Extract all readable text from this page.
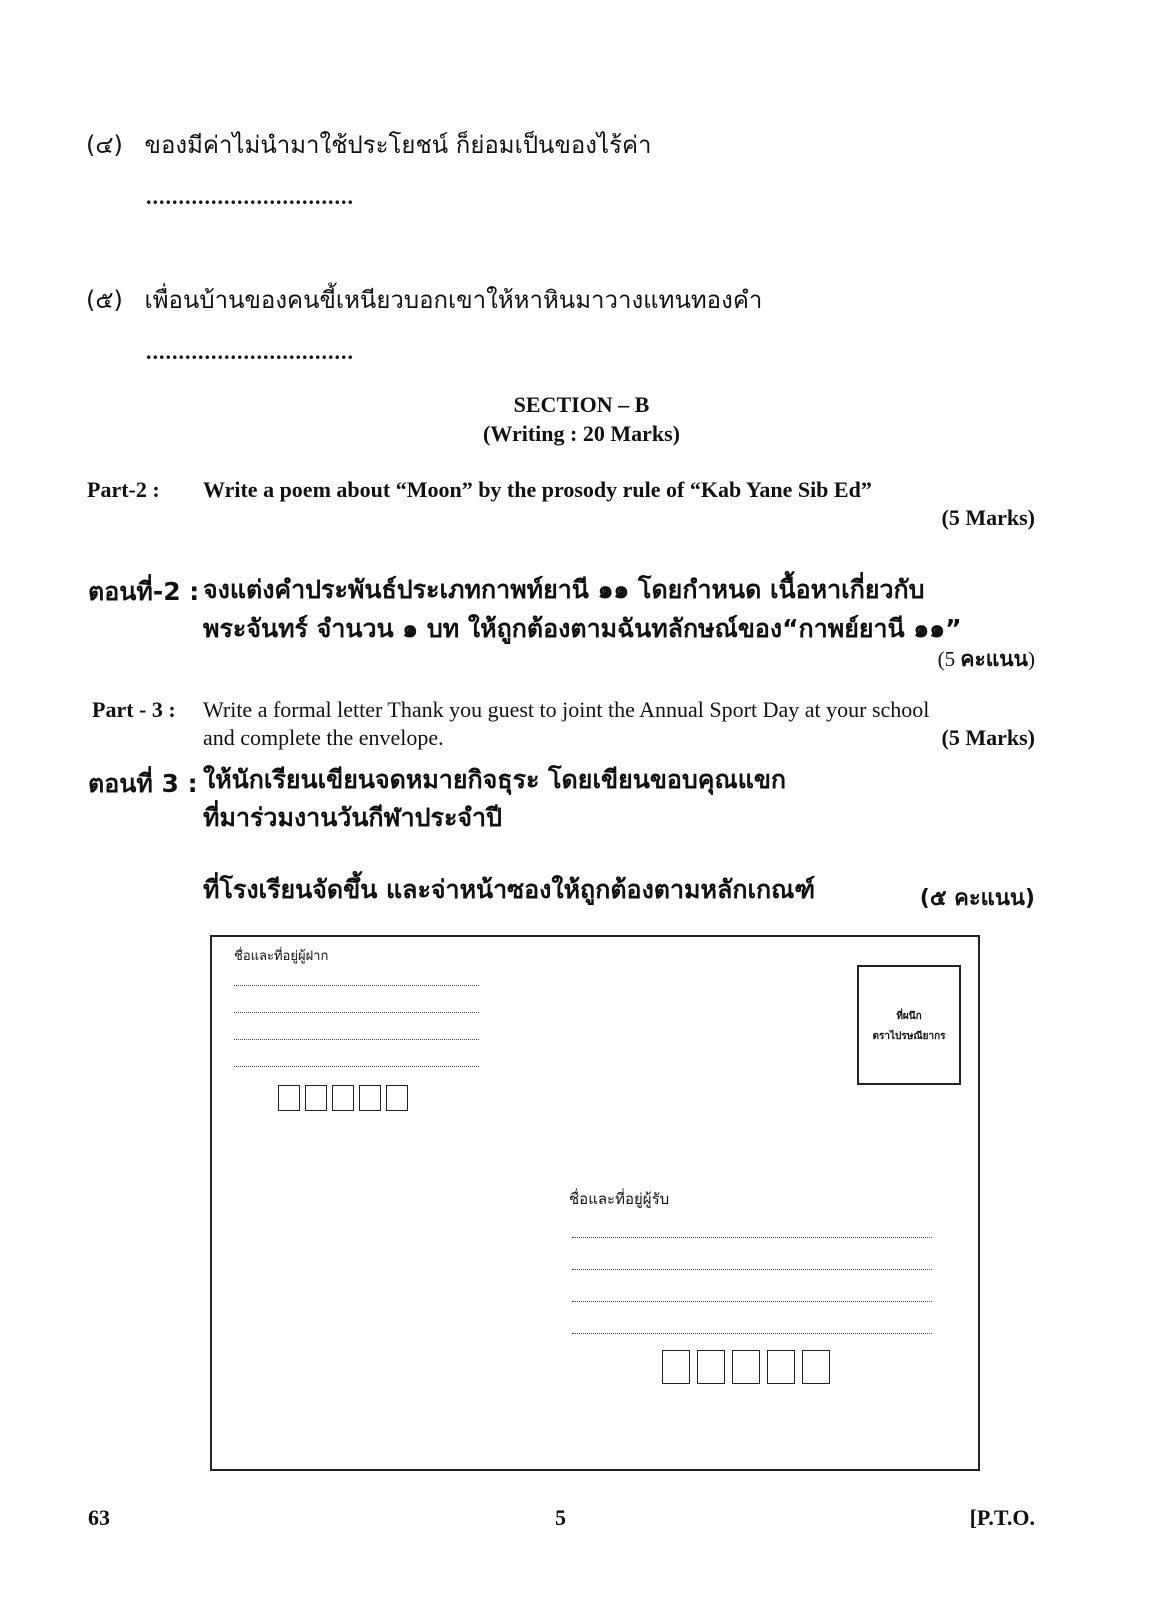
(๔) ของมีค่าไม่นำมาใช้ประโยชน์ ก็ย่อมเป็นของไร้ค่า
................................
(๕) เพื่อนบ้านของคนขี้เหนียวบอกเขาให้หาหินมาวางแทนทองคำ
................................
SECTION – B
(Writing : 20 Marks)
Part-2 : Write a poem about “Moon” by the prosody rule of “Kab Yane Sib Ed”
(5 Marks)
ตอนที่-2 : จงแต่งคำประพันธ์ประเภทกาพท์ยานี ๑๑ โดยกำหนด เนื้อหาเกี่ยวกับ
พระจันทร์ จำนวน ๑ บท ให้ถูกต้องตามฉันทลักษณ์ของ“กาพย์ยานี ๑๑”
(5 คะแนน)
Part - 3 : Write a formal letter Thank you guest to joint the Annual Sport Day at your school
and complete the envelope.	(5 Marks)
ตอนที่ 3 : ให้นักเรียนเขียนจดหมายกิจธุระ โดยเขียนขอบคุณแขก
ที่มาร่วมงานวันกีฬาประจำปี
ที่โรงเรียนจัดขึ้น และจ่าหน้าซองให้ถูกต้องตามหลักเกณฑ์	(๕ คะแนน)
ชื่อและที่อยู่ผู้ฝาก
ที่ผนึก
ตราไปรษณียากร
ชื่อและที่อยู่ผู้รับ
63	5	[P.T.O.
